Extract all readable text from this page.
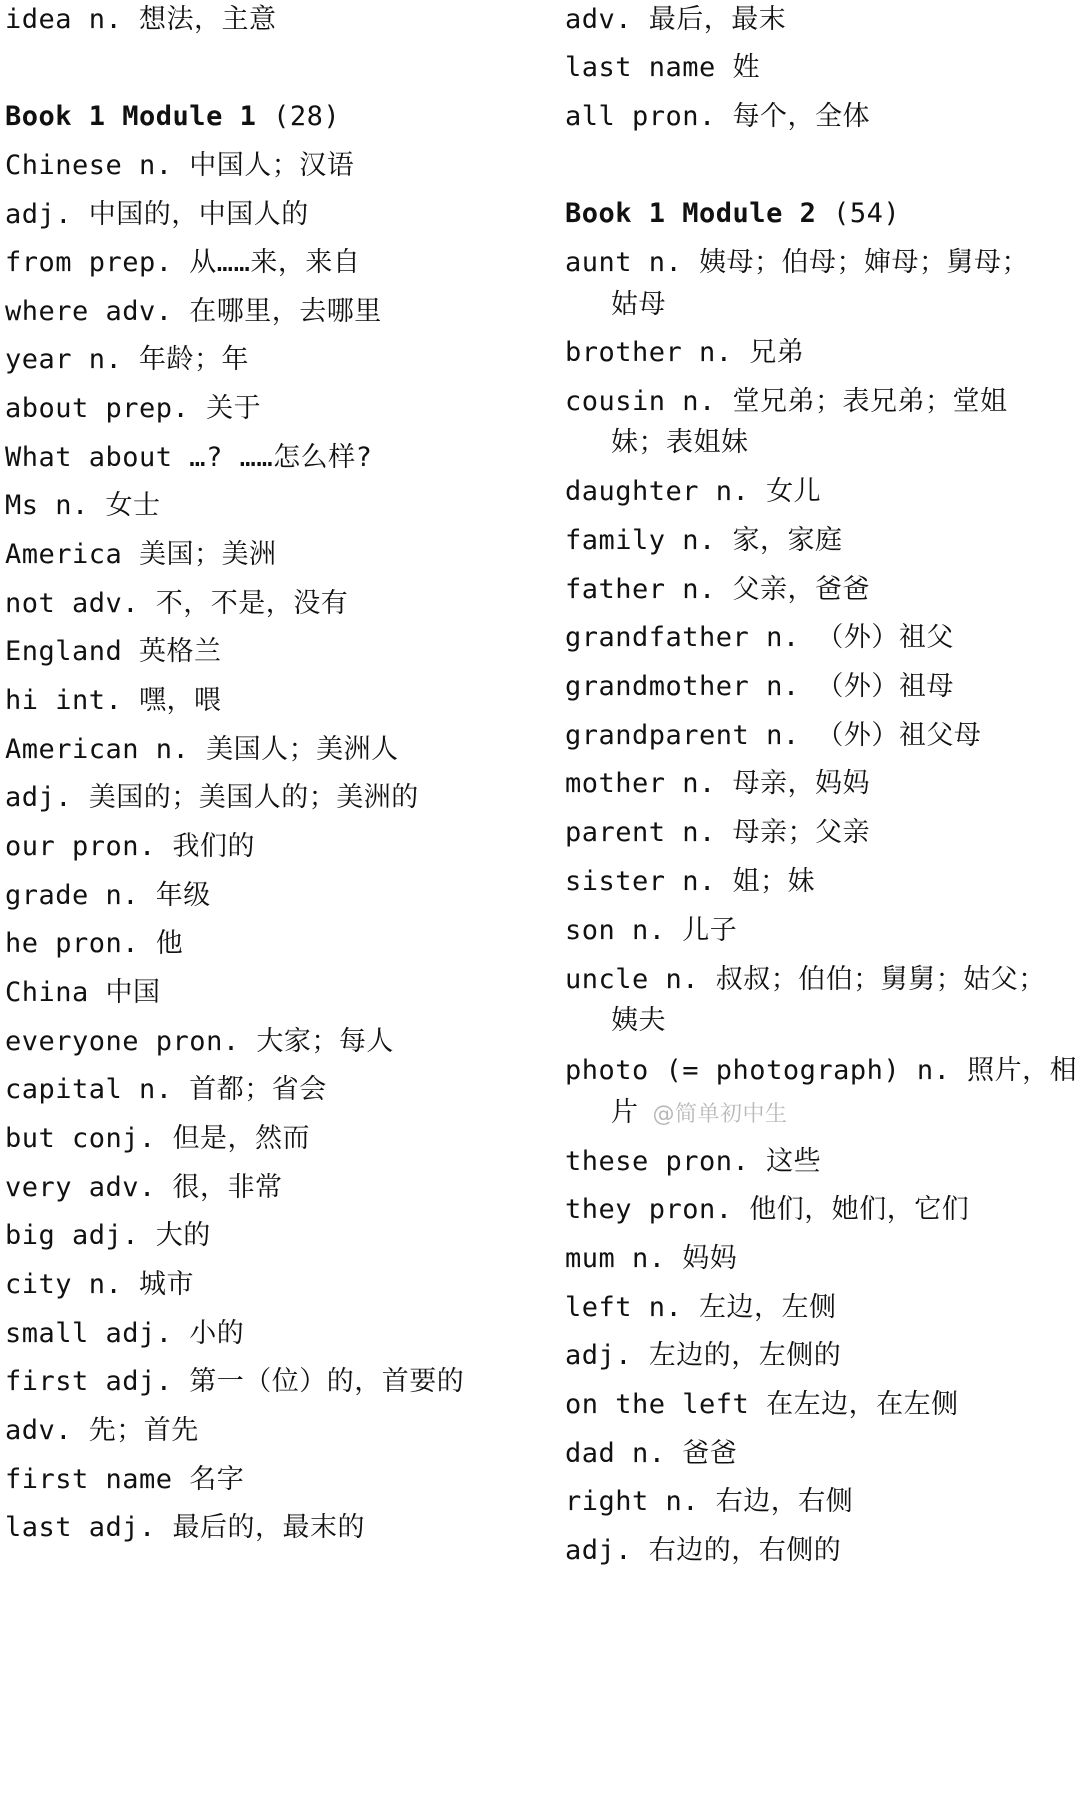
idea n. 想法，主意
Book 1 Module 1 (28)
Chinese n. 中国人；汉语
adj. 中国的，中国人的
from prep. 从……来，来自
where adv. 在哪里，去哪里
year n. 年龄；年
about prep. 关于
What about …? ……怎么样?
Ms n. 女士
America 美国；美洲
not adv. 不，不是，没有
England 英格兰
hi int. 嘿，喂
American n. 美国人；美洲人
adj. 美国的；美国人的；美洲的
our pron. 我们的
grade n. 年级
he pron. 他
China 中国
everyone pron. 大家；每人
capital n. 首都；省会
but conj. 但是，然而
very adv. 很，非常
big adj. 大的
city n. 城市
small adj. 小的
first adj. 第一（位）的，首要的
adv. 先；首先
first name 名字
last adj. 最后的，最末的
adv. 最后，最末
last name 姓
all pron. 每个，全体
Book 1 Module 2 (54)
aunt n. 姨母；伯母；婶母；舅母；
姑母
brother n. 兄弟
cousin n. 堂兄弟；表兄弟；堂姐
妹；表姐妹
daughter n. 女儿
family n. 家，家庭
father n. 父亲，爸爸
grandfather n. （外）祖父
grandmother n. （外）祖母
grandparent n. （外）祖父母
mother n. 母亲，妈妈
parent n. 母亲；父亲
sister n. 姐；妹
son n. 儿子
uncle n. 叔叔；伯伯；舅舅；姑父；
姨夫
photo (= photograph) n. 照片，相
片 @简单初中生
these pron. 这些
they pron. 他们，她们，它们
mum n. 妈妈
left n. 左边，左侧
adj. 左边的，左侧的
on the left 在左边，在左侧
dad n. 爸爸
right n. 右边，右侧
adj. 右边的，右侧的
